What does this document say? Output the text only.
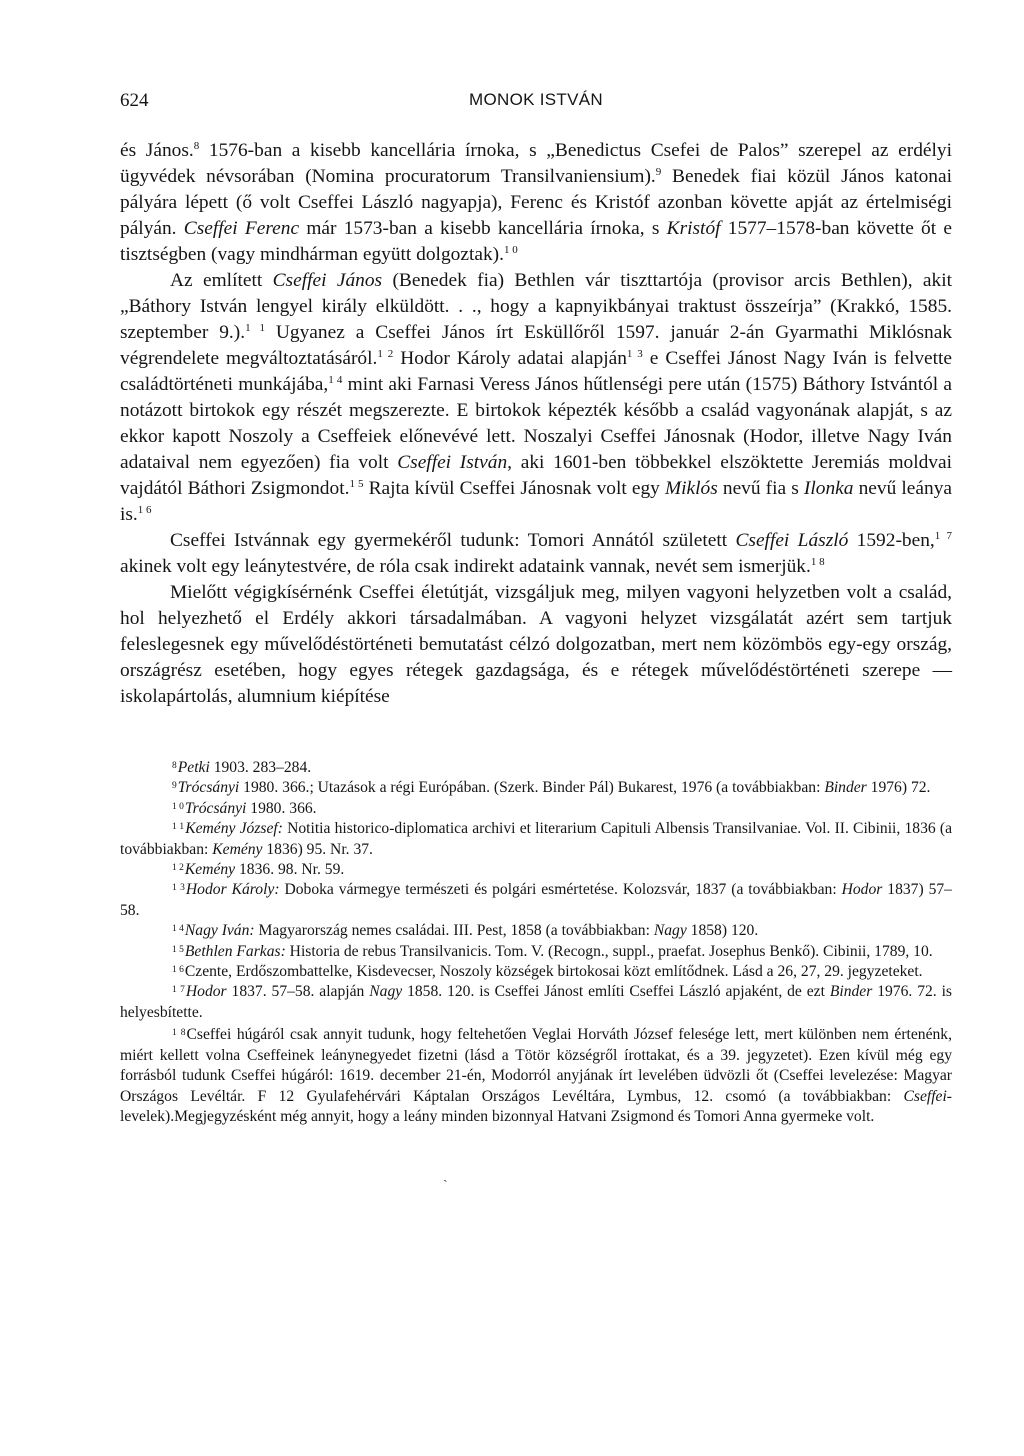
MONOK ISTVÁN
624

és János.$^8$ 1576-ban a kisebb kancellária írnoka, s „Benedictus Csefei de Palos” szerepel az erdélyi ügyvédek névsorában (Nomina procuratorum Transilvaniensium).$^9$ Benedek fiai közül János katonai pályára lépett (ő volt Cseffei László nagyapja), Ferenc és Kristóf azonban követte apját az értelmiségi pályán. Cseffei Ferenc már 1573-ban a kisebb kancellária írnoka, s Kristóf 1577–1578-ban követte őt e tisztségben (vagy mindhárman együtt dolgoztak).$^{1 0}$

Az említett Cseffei János (Benedek fia) Bethlen vár tiszttartója (provisor arcis Bethlen), akit „Báthory István lengyel király elküldött. . ., hogy a kapnyikbányai traktust összeírja” (Krakkó, 1585. szeptember 9.).$^{1 1}$ Ugyanez a Cseffei János írt Esküllőről 1597. január 2-án Gyarmathi Miklósnak végrendelete megváltoztatásáról.$^{1 2}$ Hodor Károly adatai alapján$^{1 3}$ e Cseffei Jánost Nagy Iván is felvette családtörténeti munkájába,$^{1 4}$ mint aki Farnasi Veress János hűtlenségi pere után (1575) Báthory Istvántól a notázott birtokok egy részét megszerezte. E birtokok képezték később a család vagyonának alapját, s az ekkor kapott Noszoly a Cseffeiek előnevévé lett. Noszalyi Cseffei Jánosnak (Hodor, illetve Nagy Iván adataival nem egyezően) fia volt Cseffei István, aki 1601-ben többekkel elszöktette Jeremiás moldvai vajdától Báthori Zsigmondot.$^{1 5}$ Rajta kívül Cseffei Jánosnak volt egy Miklós nevű fia s Ilonka nevű leánya is.$^{1 6}$

Cseffei Istvánnak egy gyermekéről tudunk: Tomori Annától született Cseffei László 1592-ben,$^{1 7}$ akinek volt egy leánytestvére, de róla csak indirekt adataink vannak, nevét sem ismerjük.$^{1 8}$

Mielőtt végigkísérnénk Cseffei életútját, vizsgáljuk meg, milyen vagyoni helyzetben volt a család, hol helyezhető el Erdély akkori társadalmában. A vagyoni helyzet vizsgálatát azért sem tartjuk feleslegesnek egy művelődéstörténeti bemutatást célzó dolgozatban, mert nem közömbös egy-egy ország, országrész esetében, hogy egyes rétegek gazdagsága, és e rétegek művelődéstörténeti szerepe — iskolapártolás, alumnium kiépítése

$^8$Petki 1903. 283–284.

$^9$Trócsányi 1980. 366.; Utazások a régi Európában. (Szerk. Binder Pál) Bukarest, 1976 (a továbbiakban: Binder 1976) 72.

$^{1 0}$Trócsányi 1980. 366.

$^{1 1}$Kemény József: Notitia historico-diplomatica archivi et literarium Capituli Albensis Transilvaniae. Vol. II. Cibinii, 1836 (a továbbiakban: Kemény 1836) 95. Nr. 37.

$^{1 2}$Kemény 1836. 98. Nr. 59.

$^{1 3}$Hodor Károly: Doboka vármegye természeti és polgári esmértetése. Kolozsvár, 1837 (a továbbiakban: Hodor 1837) 57–58.

$^{1 4}$Nagy Iván: Magyarország nemes családai. III. Pest, 1858 (a továbbiakban: Nagy 1858) 120.

$^{1 5}$Bethlen Farkas: Historia de rebus Transilvanicis. Tom. V. (Recogn., suppl., praefat. Josephus Benkő). Cibinii, 1789, 10.

$^{1 6}$Czente, Erdőszombattelke, Kisdevecser, Noszoly községek birtokosai közt említődnek. Lásd a 26, 27, 29. jegyzeteket.

$^{1 7}$Hodor 1837. 57–58. alapján Nagy 1858. 120. is Cseffei Jánost említi Cseffei László apjaként, de ezt Binder 1976. 72. is helyesbítette.

$^{1 8}$Cseffei húgáról csak annyit tudunk, hogy feltehetően Veglai Horváth József felesége lett, mert különben nem értenénk, miért kellett volna Cseffeinek leánynegyedet fizetni (lásd a Tötör községről írottakat, és a 39. jegyzetet). Ezen kívül még egy forrásból tudunk Cseffei húgáról: 1619. december 21-én, Modorról anyjának írt levelében üdvözli őt (Cseffei levelezése: Magyar Országos Levéltár. F 12 Gyulafehérvári Káptalan Országos Levéltára, Lymbus, 12. csomó (a továbbiakban: Cseffei-levelek).Megjegyzésként még annyit, hogy a leány minden bizonnyal Hatvani Zsigmond és Tomori Anna gyermeke volt.

ˎ
